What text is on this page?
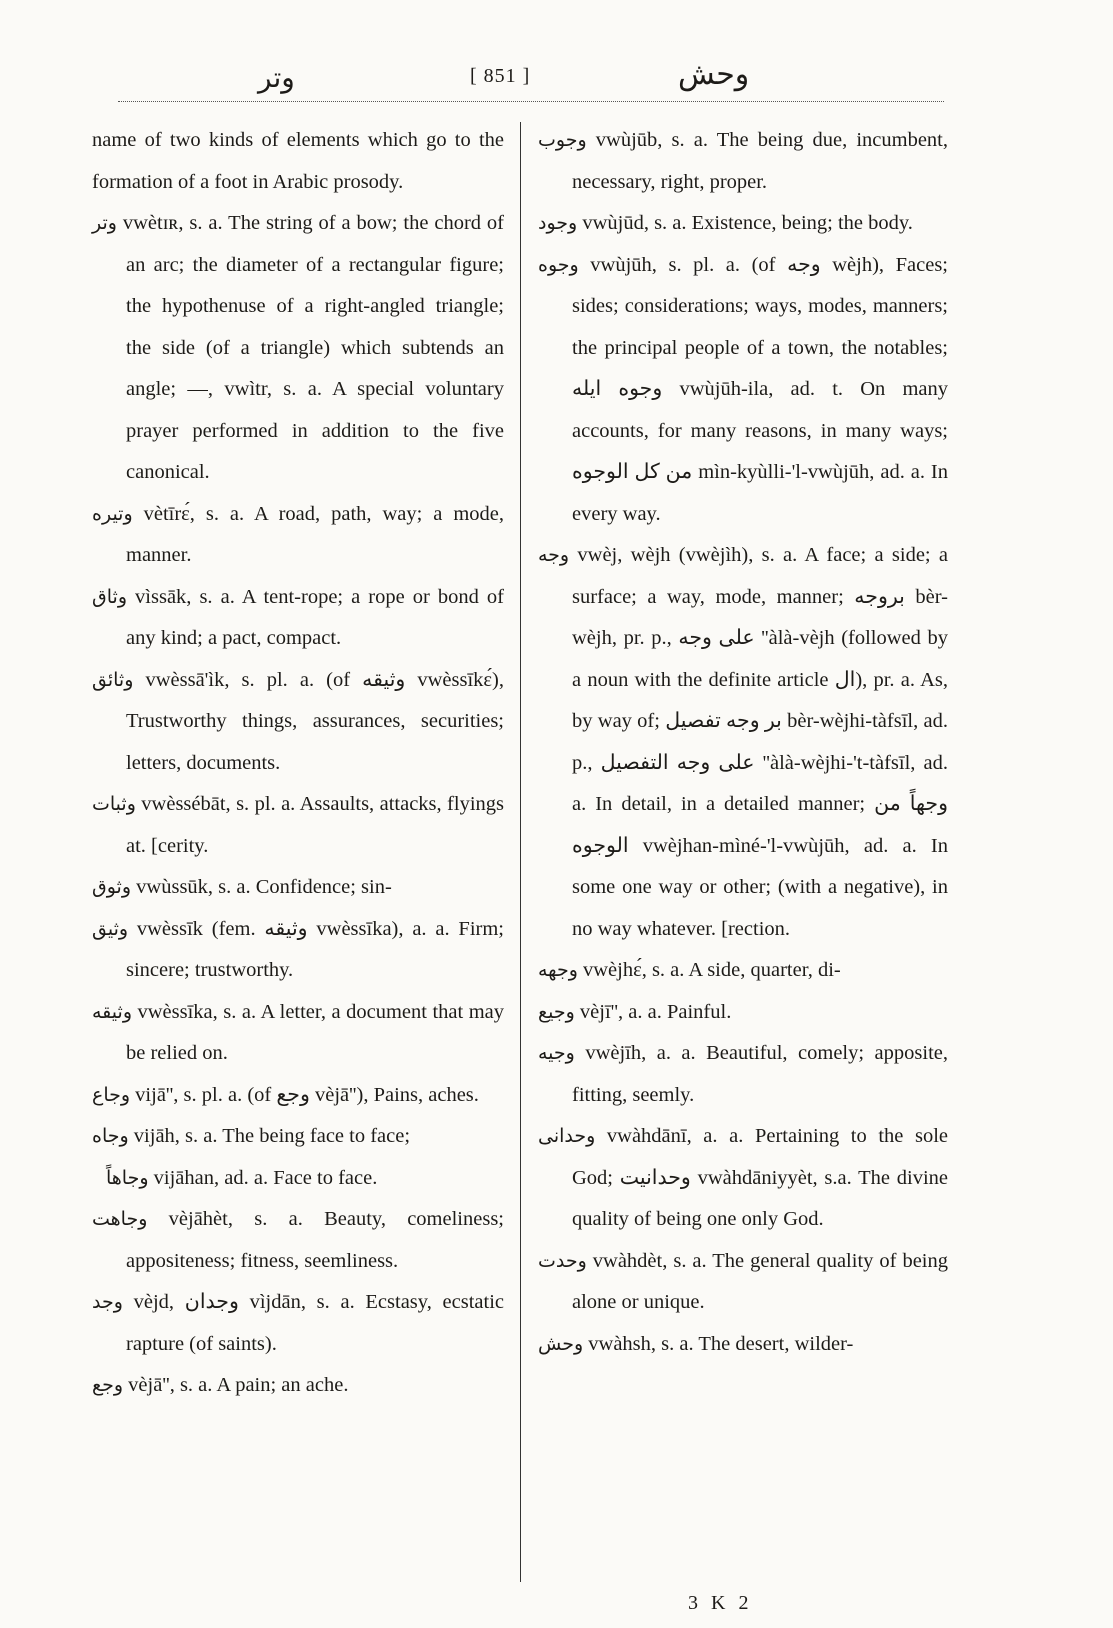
وتر	[ 851 ]	وحش

name of two kinds of elements which go to the formation of a foot in Arabic prosody.

وتر vwètɪʀ, s. a. The string of a bow; the chord of an arc; the diameter of a rectangular figure; the hypothenuse of a right-angled triangle; the side (of a triangle) which subtends an angle; —, vwìtr, s. a. A special voluntary prayer performed in addition to the five canonical.

وتیره vètīrɛ́, s. a. A road, path, way; a mode, manner.

وثاق vìssāk, s. a. A tent-rope; a rope or bond of any kind; a pact, compact.

وثائق vwèssā'ìk, s. pl. a. (of وثيقه vwèssīkɛ́), Trustworthy things, assurances, securities; letters, documents.

وثبات vwèssébāt, s. pl. a. Assaults, attacks, flyings at. [cerity.

وثوق vwùssūk, s. a. Confidence; sin-

وثيق vwèssīk (fem. وثيقه vwèssīka), a. a. Firm; sincere; trustworthy.

وثيقه vwèssīka, s. a. A letter, a document that may be relied on.

وجاع vijā'', s. pl. a. (of وجع vèjā''), Pains, aches.

وجاه vijāh, s. a. The being face to face;

وجاهاً vijāhan, ad. a. Face to face.

وجاهت vèjāhèt, s. a. Beauty, comeliness; appositeness; fitness, seemliness.

وجد vèjd, وجدان vìjdān, s. a. Ecstasy, ecstatic rapture (of saints).

وجع vèjā'', s. a. A pain; an ache.

وجوب vwùjūb, s. a. The being due, incumbent, necessary, right, proper.

وجود vwùjūd, s. a. Existence, being; the body.

وجوه vwùjūh, s. pl. a. (of وجه wèjh), Faces; sides; considerations; ways, modes, manners; the principal people of a town, the notables; وجوه ايله vwùjūh-ila, ad. t. On many accounts, for many reasons, in many ways; من كل الوجوه mìn-kyùlli-'l-vwùjūh, ad. a. In every way.

وجه vwèj, wèjh (vwèjìh), s. a. A face; a side; a surface; a way, mode, manner; بروجه bèr-wèjh, pr. p., على وجه ''àlà-vèjh (followed by a noun with the definite article ال), pr. a. As, by way of; بر وجه تفصيل bèr-wèjhi-tàfsīl, ad. p., على وجه التفصيل ''àlà-wèjhi-'t-tàfsīl, ad. a. In detail, in a detailed manner; وجهاً من الوجوه vwèjhan-mìné-'l-vwùjūh, ad. a. In some one way or other; (with a negative), in no way whatever. [rection.

وجهه vwèjhɛ́, s. a. A side, quarter, di-

وجيع vèjī'', a. a. Painful.

وجيه vwèjīh, a. a. Beautiful, comely; apposite, fitting, seemly.

وحدانى vwàhdānī, a. a. Pertaining to the sole God; وحدانيت vwàhdāniyyèt, s.a. The divine quality of being one only God.

وحدت vwàhdèt, s. a. The general quality of being alone or unique.

وحش vwàhsh, s. a. The desert, wilder-

3 K 2
